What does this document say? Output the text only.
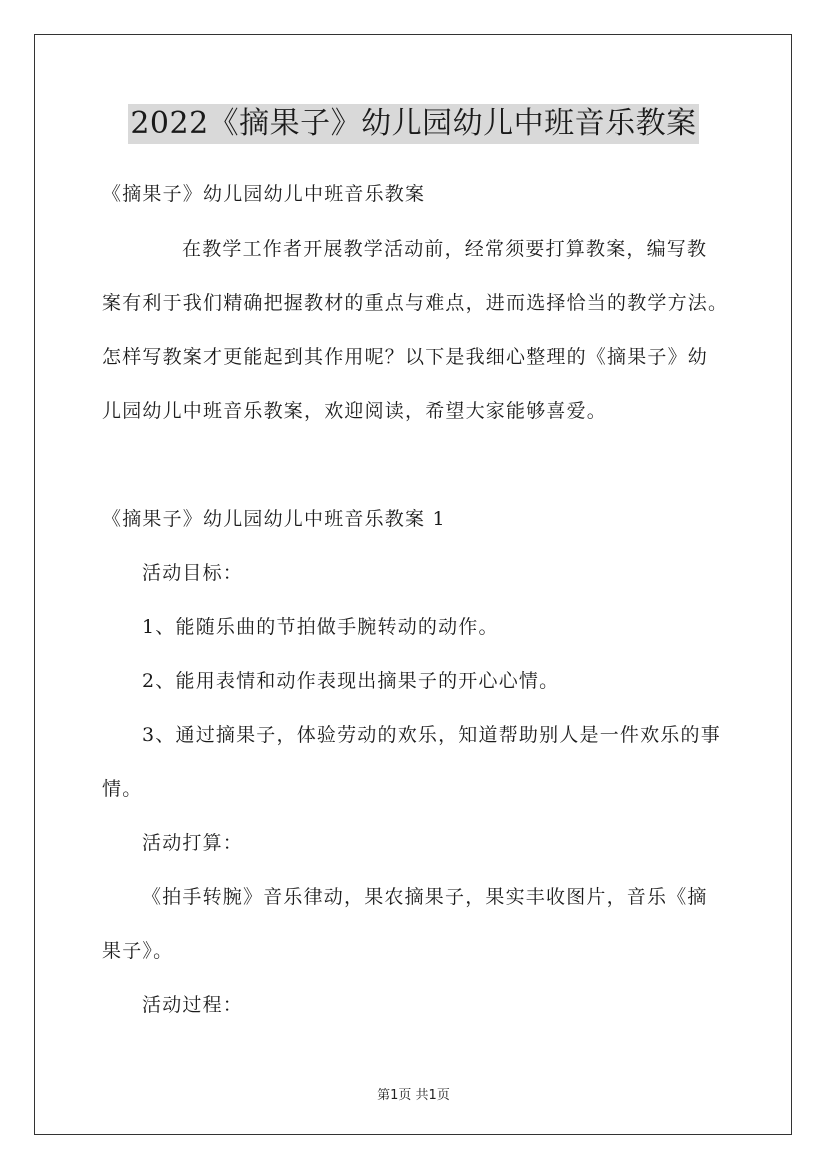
2022《摘果子》幼儿园幼儿中班音乐教案

《摘果子》幼儿园幼儿中班音乐教案

在教学工作者开展教学活动前，经常须要打算教案，编写教

案有利于我们精确把握教材的重点与难点，进而选择恰当的教学方法。

怎样写教案才更能起到其作用呢？以下是我细心整理的《摘果子》幼

儿园幼儿中班音乐教案，欢迎阅读，希望大家能够喜爱。

《摘果子》幼儿园幼儿中班音乐教案 1

活动目标：

1、能随乐曲的节拍做手腕转动的动作。

2、能用表情和动作表现出摘果子的开心心情。

3、通过摘果子，体验劳动的欢乐，知道帮助别人是一件欢乐的事

情。

活动打算：

《拍手转腕》音乐律动，果农摘果子，果实丰收图片，音乐《摘

果子》。

活动过程：

第1页 共1页
